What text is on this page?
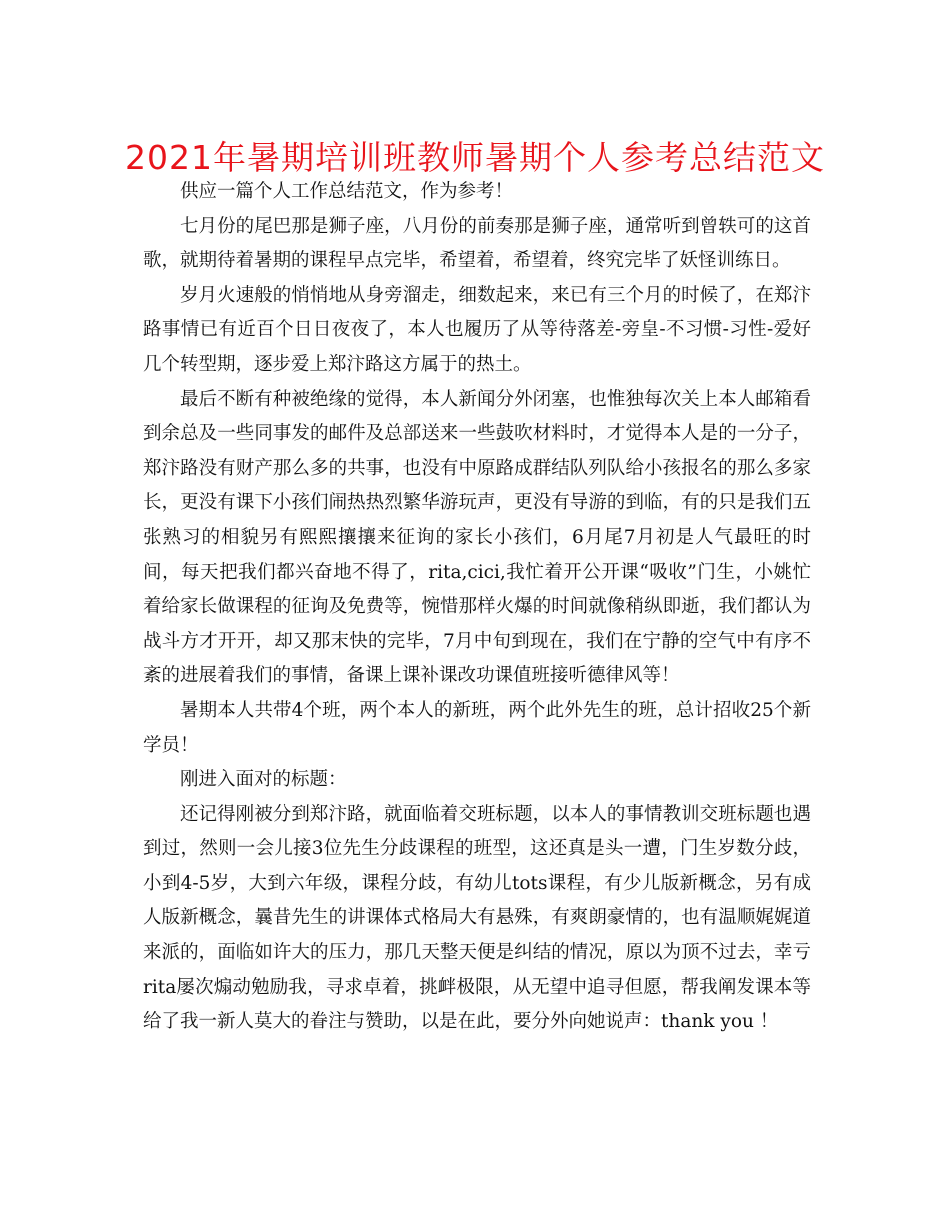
2021年暑期培训班教师暑期个人参考总结范文

供应一篇个人工作总结范文，作为参考！

七月份的尾巴那是狮子座，八月份的前奏那是狮子座，通常听到曾轶可的这首歌，就期待着暑期的课程早点完毕，希望着，希望着，终究完毕了妖怪训练日。

岁月火速般的悄悄地从身旁溜走，细数起来，来已有三个月的时候了，在郑汴路事情已有近百个日日夜夜了，本人也履历了从等待落差-旁皇-不习惯-习性-爱好几个转型期，逐步爱上郑汴路这方属于的热土。

最后不断有种被绝缘的觉得，本人新闻分外闭塞，也惟独每次关上本人邮箱看到余总及一些同事发的邮件及总部送来一些鼓吹材料时，才觉得本人是的一分子，郑汴路没有财产那么多的共事，也没有中原路成群结队列队给小孩报名的那么多家长，更没有课下小孩们闹热热烈繁华游玩声，更没有导游的到临，有的只是我们五张熟习的相貌另有熙熙攘攘来征询的家长小孩们，6月尾7月初是人气最旺的时间，每天把我们都兴奋地不得了，rita,cici,我忙着开公开课“吸收”门生，小姚忙着给家长做课程的征询及免费等，惋惜那样火爆的时间就像稍纵即逝，我们都认为战斗方才开开，却又那末快的完毕，7月中旬到现在，我们在宁静的空气中有序不紊的进展着我们的事情，备课上课补课改功课值班接听德律风等！

暑期本人共带4个班，两个本人的新班，两个此外先生的班，总计招收25个新学员！

刚进入面对的标题：

还记得刚被分到郑汴路，就面临着交班标题，以本人的事情教训交班标题也遇到过，然则一会儿接3位先生分歧课程的班型，这还真是头一遭，门生岁数分歧，小到4-5岁，大到六年级，课程分歧，有幼儿tots课程，有少儿版新概念，另有成人版新概念，曩昔先生的讲课体式格局大有悬殊，有爽朗豪情的，也有温顺娓娓道来派的，面临如许大的压力，那几天整天便是纠结的情况，原以为顶不过去，幸亏rita屡次煽动勉励我，寻求卓着，挑衅极限，从无望中追寻但愿，帮我阐发课本等给了我一新人莫大的眷注与赞助，以是在此，要分外向她说声：thank you ！
